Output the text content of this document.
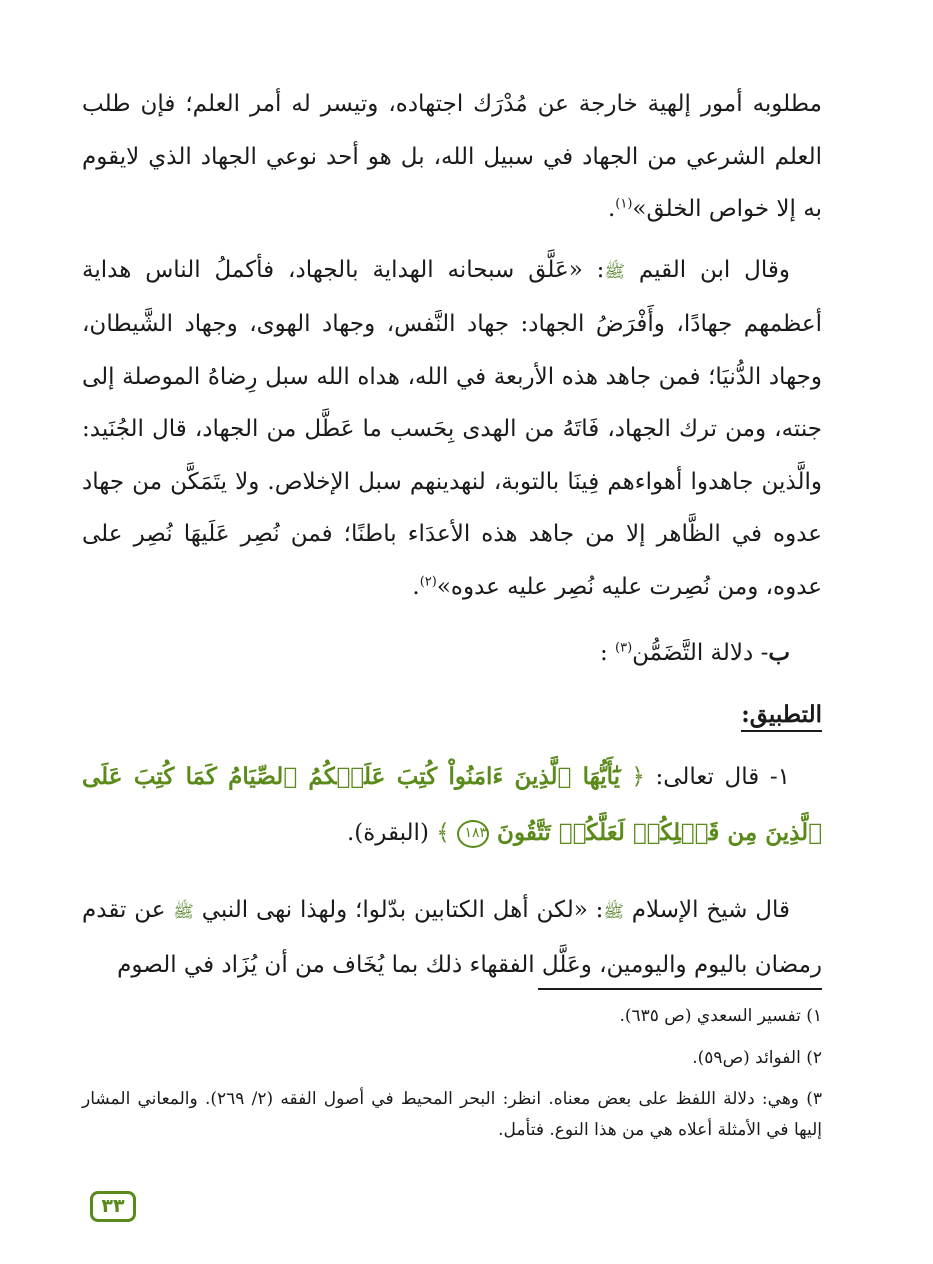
مطلوبه أمور إلهية خارجة عن مُدْرَك اجتهاده، وتيسر له أمر العلم؛ فإن طلب العلم الشرعي من الجهاد في سبيل الله، بل هو أحد نوعي الجهاد الذي لايقوم به إلا خواص الخلق»$^{(١)}$.

وقال ابن القيم ﷺ: «عَلَّق سبحانه الهداية بالجهاد، فأكملُ الناس هداية أعظمهم جهادًا، وأَفْرَضُ الجهاد: جهاد النَّفس، وجهاد الهوى، وجهاد الشَّيطان، وجهاد الدُّنيَا؛ فمن جاهد هذه الأربعة في الله، هداه الله سبل رِضاهُ الموصلة إلى جنته، ومن ترك الجهاد، فَاتَهُ من الهدى بِحَسب ما عَطَّل من الجهاد، قال الجُنَيد: والَّذين جاهدوا أهواءهم فِينَا بالتوبة، لنهدينهم سبل الإخلاص. ولا يتَمَكَّن من جهاد عدوه في الظَّاهر إلا من جاهد هذه الأعدَاء باطنًا؛ فمن نُصِر عَلَيهَا نُصِر على عدوه، ومن نُصِرت عليه نُصِر عليه عدوه»$^{(٢)}$.

ب- دلالة التَّضَمُّن$^{(٣)}$ :

التطبيق:

١- قال تعالى: ﴿ يَٰٓأَيُّهَا ٱلَّذِينَ ءَامَنُواْ كُتِبَ عَلَيۡكُمُ ٱلصِّيَامُ كَمَا كُتِبَ عَلَى ٱلَّذِينَ مِن قَبۡلِكُمۡ لَعَلَّكُمۡ تَتَّقُونَ ١٨٣ ﴾ (البقرة).

قال شيخ الإسلام ﷺ: «لكن أهل الكتابين بدّلوا؛ ولهذا نهى النبي ﷺ عن تقدم رمضان باليوم واليومين، وعَلَّل الفقهاء ذلك بما يُخَاف من أن يُزَاد في الصوم

١) تفسير السعدي (ص ٦٣٥).

٢) الفوائد (ص٥٩).

٣) وهي: دلالة اللفظ على بعض معناه. انظر: البحر المحيط في أصول الفقه (٢/ ٢٦٩). والمعاني المشار إليها في الأمثلة أعلاه هي من هذا النوع. فتأمل.

٣٣
